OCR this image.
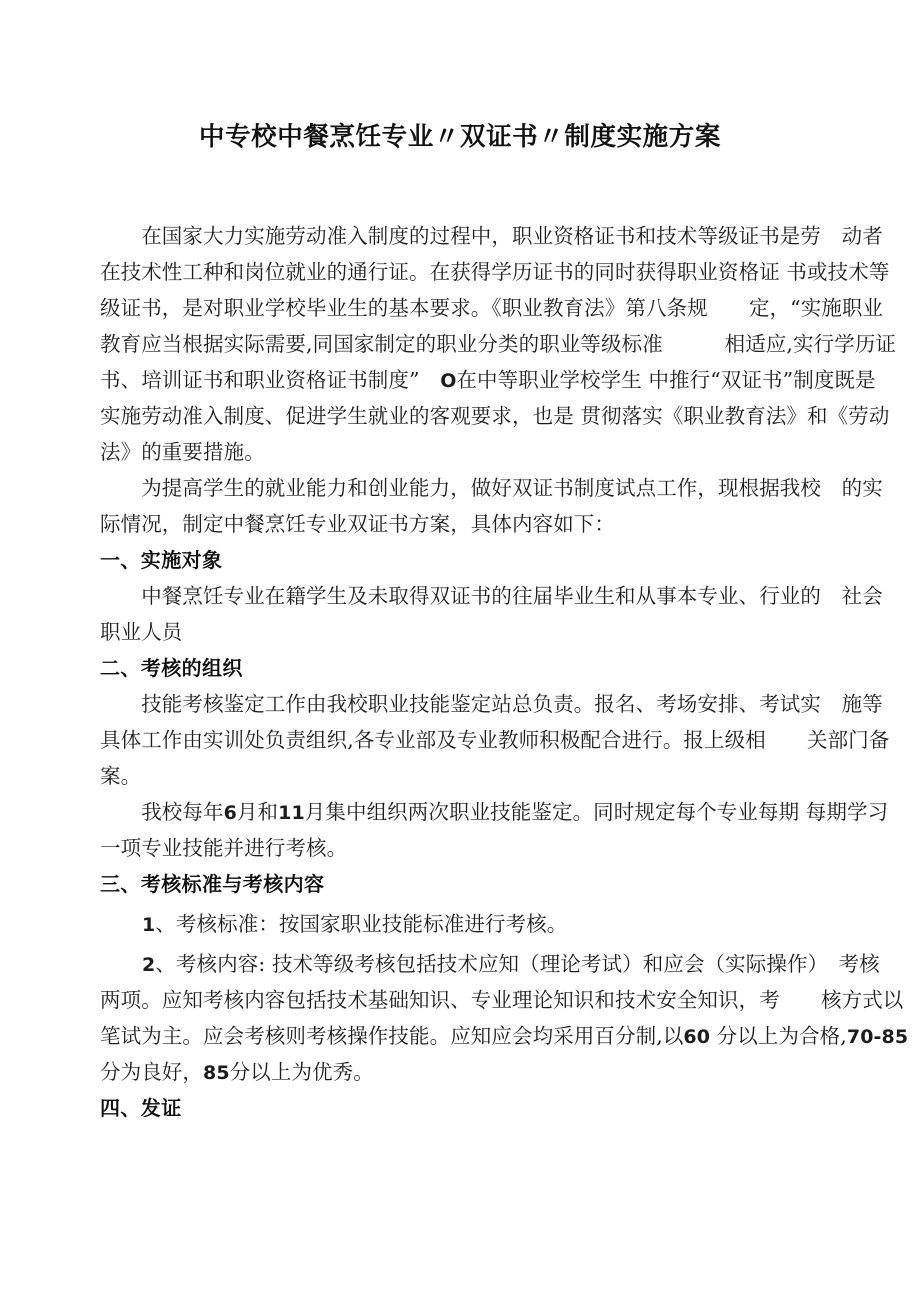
中专校中餐烹饪专业〃双证书〃制度实施方案
　　在国家大力实施劳动准入制度的过程中，职业资格证书和技术等级证书是劳　动者
在技术性工种和岗位就业的通行证。在获得学历证书的同时获得职业资格证 书或技术等
级证书，是对职业学校毕业生的基本要求。《职业教育法》第八条规　　定，“实施职业
教育应当根据实际需要,同国家制定的职业分类的职业等级标准　　　相适应,实行学历证
书、培训证书和职业资格证书制度”　O在中等职业学校学生 中推行“双证书”制度既是
实施劳动准入制度、促进学生就业的客观要求，也是 贯彻落实《职业教育法》和《劳动
法》的重要措施。
　　为提高学生的就业能力和创业能力，做好双证书制度试点工作，现根据我校　的实
际情况，制定中餐烹饪专业双证书方案，具体内容如下：
一、实施对象
　　中餐烹饪专业在籍学生及未取得双证书的往届毕业生和从事本专业、行业的　社会
职业人员
二、考核的组织
　　技能考核鉴定工作由我校职业技能鉴定站总负责。报名、考场安排、考试实　施等
具体工作由实训处负责组织,各专业部及专业教师积极配合进行。报上级相　　关部门备
案。
　　我校每年6月和11月集中组织两次职业技能鉴定。同时规定每个专业每期 每期学习
一项专业技能并进行考核。
三、考核标准与考核内容
1、考核标准：按国家职业技能标准进行考核。
2、考核内容: 技术等级考核包括技术应知（理论考试）和应会（实际操作）　考核
两项。应知考核内容包括技术基础知识、专业理论知识和技术安全知识，考　　核方式以
笔试为主。应会考核则考核操作技能。应知应会均采用百分制,以60 分以上为合格,70-85
分为良好，85分以上为优秀。
四、发证
